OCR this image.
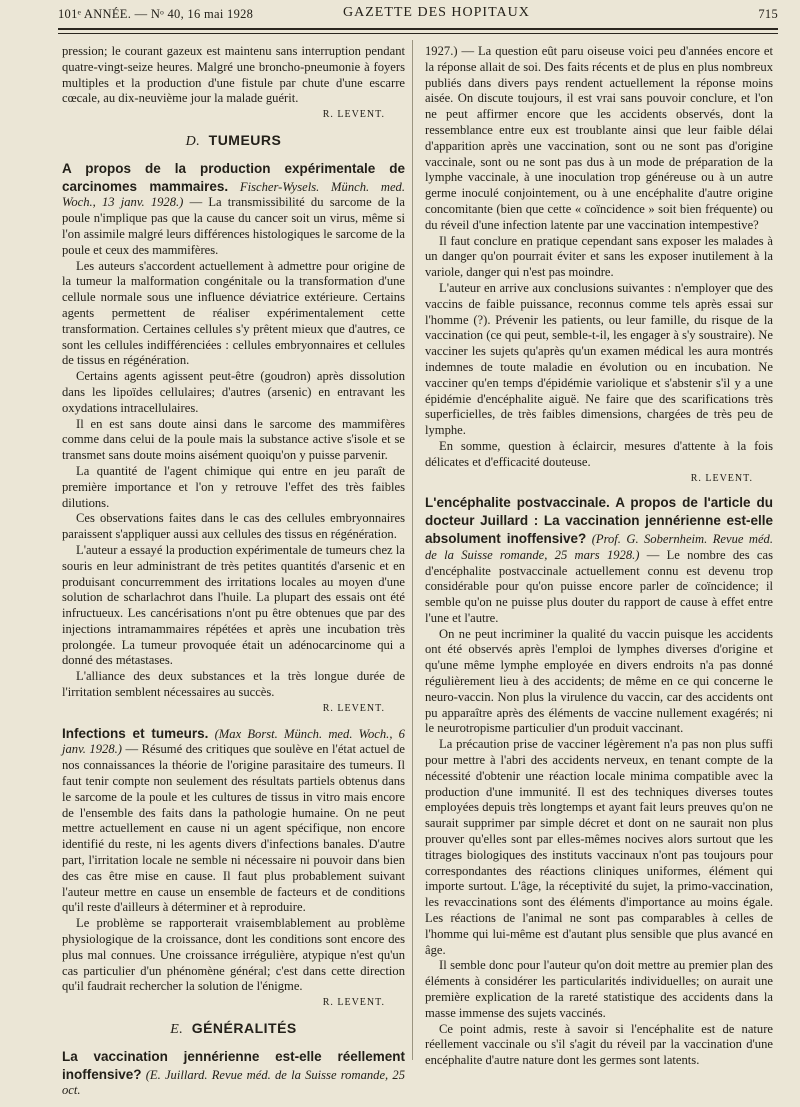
101ᵉ ANNÉE. — Nᵒ 40, 16 mai 1928	GAZETTE DES HOPITAUX	715

pression; le courant gazeux est maintenu sans interruption pendant quatre-vingt-seize heures. Malgré une broncho-pneumonie à foyers multiples et la production d'une fistule par chute d'une escarre cœcale, au dix-neuvième jour la malade guérit.

R. LEVENT.
D. TUMEURS

A propos de la production expérimentale de carcinomes mammaires. Fischer-Wysels. Münch. med. Woch., 13 janv. 1928.) — La transmissibilité du sarcome de la poule n'implique pas que la cause du cancer soit un virus, même si l'on assimile malgré leurs différences histologiques le sarcome de la poule et ceux des mammifères.

Les auteurs s'accordent actuellement à admettre pour origine de la tumeur la malformation congénitale ou la transformation d'une cellule normale sous une influence déviatrice extérieure. Certains agents permettent de réaliser expérimentalement cette transformation. Certaines cellules s'y prêtent mieux que d'autres, ce sont les cellules indifférenciées : cellules embryonnaires et cellules de tissus en régénération.

Certains agents agissent peut-être (goudron) après dissolution dans les lipoïdes cellulaires; d'autres (arsenic) en entravant les oxydations intracellulaires.

Il en est sans doute ainsi dans le sarcome des mammifères comme dans celui de la poule mais la substance active s'isole et se transmet sans doute moins aisément quoiqu'on y puisse parvenir.

La quantité de l'agent chimique qui entre en jeu paraît de première importance et l'on y retrouve l'effet des très faibles dilutions.

Ces observations faites dans le cas des cellules embryonnaires paraissent s'appliquer aussi aux cellules des tissus en régénération.

L'auteur a essayé la production expérimentale de tumeurs chez la souris en leur administrant de très petites quantités d'arsenic et en produisant concurremment des irritations locales au moyen d'une solution de scharlachrot dans l'huile. La plupart des essais ont été infructueux. Les cancérisations n'ont pu être obtenues que par des injections intramammaires répétées et après une incubation très prolongée. La tumeur provoquée était un adénocarcinome qui a donné des métastases.

L'alliance des deux substances et la très longue durée de l'irritation semblent nécessaires au succès.

R. LEVENT.

Infections et tumeurs. (Max Borst. Münch. med. Woch., 6 janv. 1928.) — Résumé des critiques que soulève en l'état actuel de nos connaissances la théorie de l'origine parasitaire des tumeurs. Il faut tenir compte non seulement des résultats partiels obtenus dans le sarcome de la poule et les cultures de tissus in vitro mais encore de l'ensemble des faits dans la pathologie humaine. On ne peut mettre actuellement en cause ni un agent spécifique, non encore identifié du reste, ni les agents divers d'infections banales. D'autre part, l'irritation locale ne semble ni nécessaire ni pouvoir dans bien des cas être mise en cause. Il faut plus probablement suivant l'auteur mettre en cause un ensemble de facteurs et de conditions qu'il reste d'ailleurs à déterminer et à reproduire.

Le problème se rapporterait vraisemblablement au problème physiologique de la croissance, dont les conditions sont encore des plus mal connues. Une croissance irrégulière, atypique n'est qu'un cas particulier d'un phénomène général; c'est dans cette direction qu'il faudrait rechercher la solution de l'énigme.

R. LEVENT.
E. GÉNÉRALITÉS

La vaccination jennérienne est-elle réellement inoffensive? (E. Juillard. Revue méd. de la Suisse romande, 25 oct.

1927.) — La question eût paru oiseuse voici peu d'années encore et la réponse allait de soi. Des faits récents et de plus en plus nombreux publiés dans divers pays rendent actuellement la réponse moins aisée. On discute toujours, il est vrai sans pouvoir conclure, et l'on ne peut affirmer encore que les accidents observés, dont la ressemblance entre eux est troublante ainsi que leur faible délai d'apparition après une vaccination, sont ou ne sont pas d'origine vaccinale, sont ou ne sont pas dus à un mode de préparation de la lymphe vaccinale, à une inoculation trop généreuse ou à un autre germe inoculé conjointement, ou à une encéphalite d'autre origine concomitante (bien que cette « coïncidence » soit bien fréquente) ou du réveil d'une infection latente par une vaccination intempestive?

Il faut conclure en pratique cependant sans exposer les malades à un danger qu'on pourrait éviter et sans les exposer inutilement à la variole, danger qui n'est pas moindre.

L'auteur en arrive aux conclusions suivantes : n'employer que des vaccins de faible puissance, reconnus comme tels après essai sur l'homme (?). Prévenir les patients, ou leur famille, du risque de la vaccination (ce qui peut, semble-t-il, les engager à s'y soustraire). Ne vacciner les sujets qu'après qu'un examen médical les aura montrés indemnes de toute maladie en évolution ou en incubation. Ne vacciner qu'en temps d'épidémie variolique et s'abstenir s'il y a une épidémie d'encéphalite aiguë. Ne faire que des scarifications très superficielles, de très faibles dimensions, chargées de très peu de lymphe.

En somme, question à éclaircir, mesures d'attente à la fois délicates et d'efficacité douteuse.

R. LEVENT.

L'encéphalite postvaccinale. A propos de l'article du docteur Juillard : La vaccination jennérienne est-elle absolument inoffensive? (Prof. G. Sobernheim. Revue méd. de la Suisse romande, 25 mars 1928.) — Le nombre des cas d'encéphalite postvaccinale actuellement connu est devenu trop considérable pour qu'on puisse encore parler de coïncidence; il semble qu'on ne puisse plus douter du rapport de cause à effet entre l'une et l'autre.

On ne peut incriminer la qualité du vaccin puisque les accidents ont été observés après l'emploi de lymphes diverses d'origine et qu'une même lymphe employée en divers endroits n'a pas donné régulièrement lieu à des accidents; de même en ce qui concerne le neuro-vaccin. Non plus la virulence du vaccin, car des accidents ont pu apparaître après des éléments de vaccine nullement exagérés; ni le neurotropisme particulier d'un produit vaccinant.

La précaution prise de vacciner légèrement n'a pas non plus suffi pour mettre à l'abri des accidents nerveux, en tenant compte de la nécessité d'obtenir une réaction locale minima compatible avec la production d'une immunité. Il est des techniques diverses toutes employées depuis très longtemps et ayant fait leurs preuves qu'on ne saurait supprimer par simple décret et dont on ne saurait non plus prouver qu'elles sont par elles-mêmes nocives alors surtout que les titrages biologiques des instituts vaccinaux n'ont pas toujours pour correspondantes des réactions cliniques uniformes, élément qui importe surtout. L'âge, la réceptivité du sujet, la primo-vaccination, les revaccinations sont des éléments d'importance au moins égale. Les réactions de l'animal ne sont pas comparables à celles de l'homme qui lui-même est d'autant plus sensible que plus avancé en âge.

Il semble donc pour l'auteur qu'on doit mettre au premier plan des éléments à considérer les particularités individuelles; on aurait une première explication de la rareté statistique des accidents dans la masse immense des sujets vaccinés.

Ce point admis, reste à savoir si l'encéphalite est de nature réellement vaccinale ou s'il s'agit du réveil par la vaccination d'une encéphalite d'autre nature dont les germes sont latents.
